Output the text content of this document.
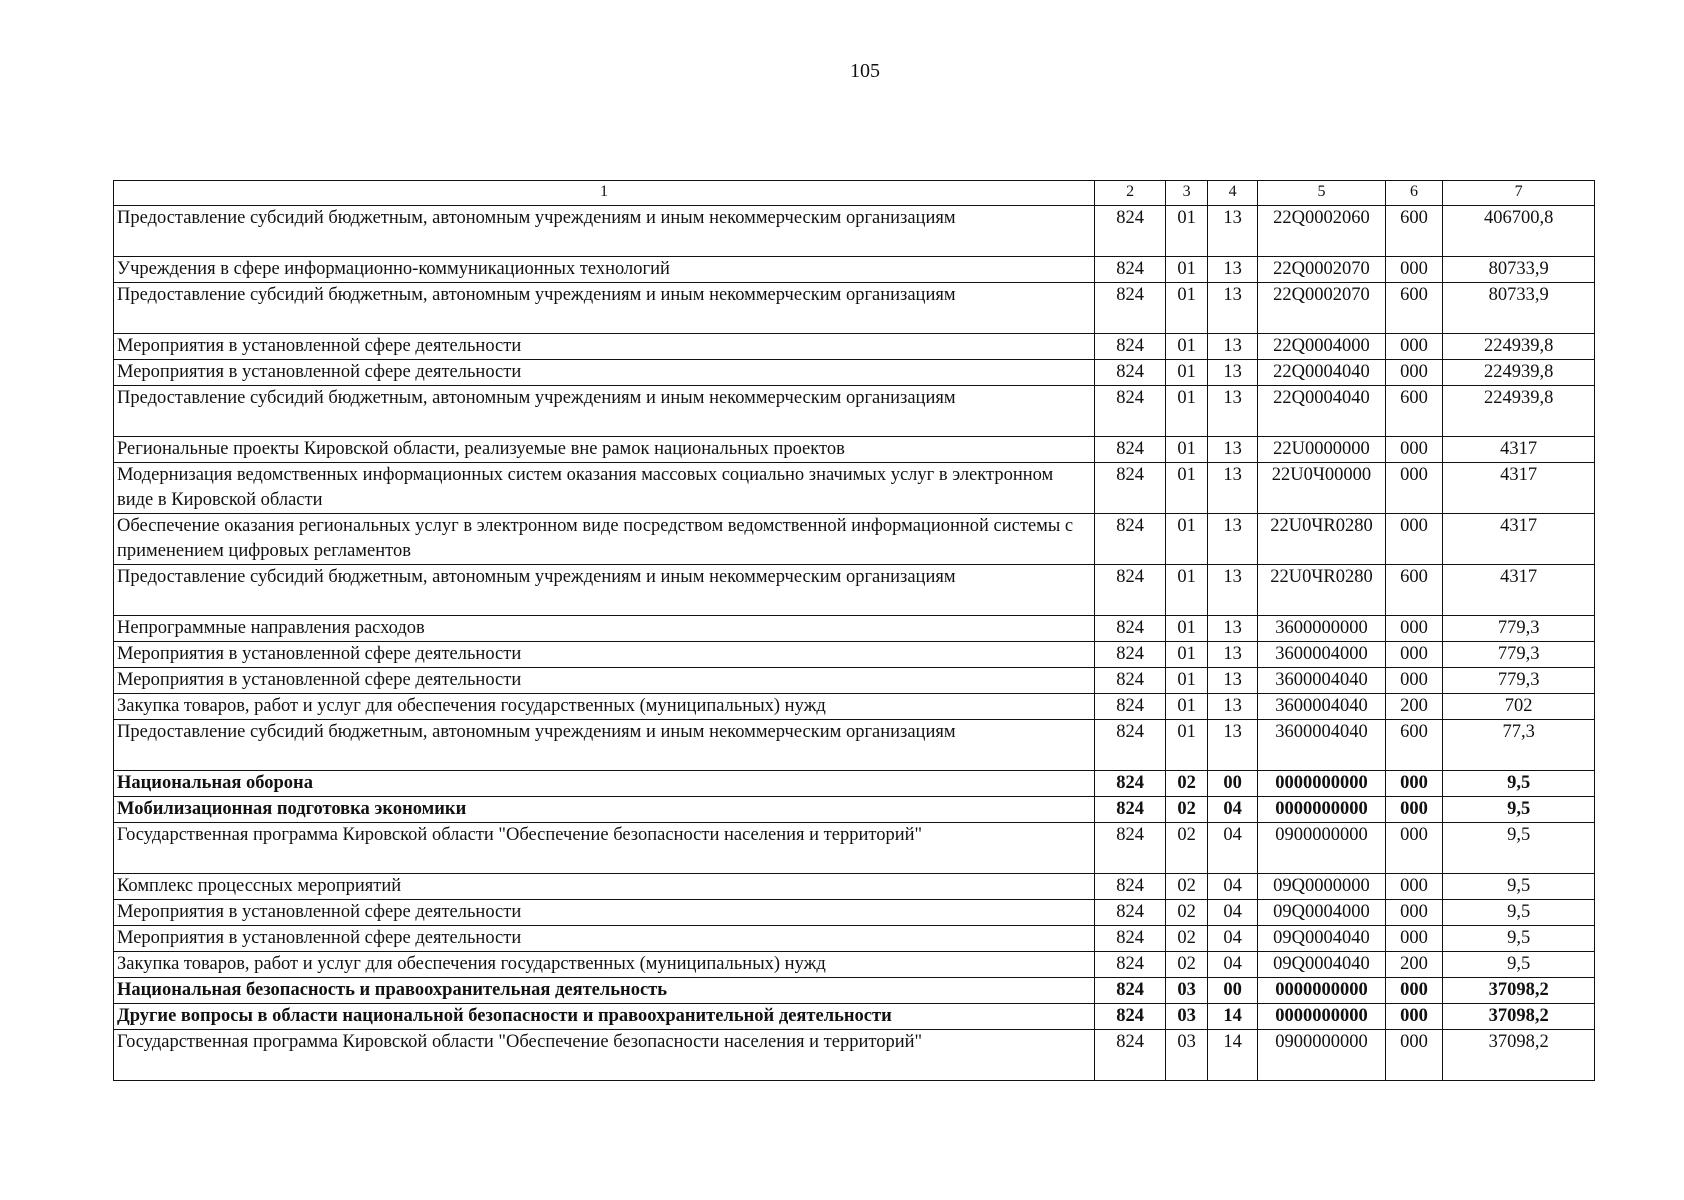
105
1	2	3	4	5	6	7
Предоставление субсидий бюджетным, автономным учреждениям и иным некоммерческим организациям	824	01	13	22Q0002060	600	406700,8
Учреждения в сфере информационно-коммуникационных технологий	824	01	13	22Q0002070	000	80733,9
Предоставление субсидий бюджетным, автономным учреждениям и иным некоммерческим организациям	824	01	13	22Q0002070	600	80733,9
Мероприятия в установленной сфере деятельности	824	01	13	22Q0004000	000	224939,8
Мероприятия в установленной сфере деятельности	824	01	13	22Q0004040	000	224939,8
Предоставление субсидий бюджетным, автономным учреждениям и иным некоммерческим организациям	824	01	13	22Q0004040	600	224939,8
Региональные проекты Кировской области, реализуемые вне рамок национальных проектов	824	01	13	22U0000000	000	4317
Модернизация ведомственных информационных систем оказания массовых социально значимых услуг в электронном виде в Кировской области	824	01	13	22U0Ч00000	000	4317
Обеспечение оказания региональных услуг в электронном виде посредством ведомственной информационной системы с применением цифровых регламентов	824	01	13	22U0ЧR0280	000	4317
Предоставление субсидий бюджетным, автономным учреждениям и иным некоммерческим организациям	824	01	13	22U0ЧR0280	600	4317
Непрограммные направления расходов	824	01	13	3600000000	000	779,3
Мероприятия в установленной сфере деятельности	824	01	13	3600004000	000	779,3
Мероприятия в установленной сфере деятельности	824	01	13	3600004040	000	779,3
Закупка товаров, работ и услуг для обеспечения государственных (муниципальных) нужд	824	01	13	3600004040	200	702
Предоставление субсидий бюджетным, автономным учреждениям и иным некоммерческим организациям	824	01	13	3600004040	600	77,3
Национальная оборона	824	02	00	0000000000	000	9,5
Мобилизационная подготовка экономики	824	02	04	0000000000	000	9,5
Государственная программа Кировской области "Обеспечение безопасности населения и территорий"	824	02	04	0900000000	000	9,5
Комплекс процессных мероприятий	824	02	04	09Q0000000	000	9,5
Мероприятия в установленной сфере деятельности	824	02	04	09Q0004000	000	9,5
Мероприятия в установленной сфере деятельности	824	02	04	09Q0004040	000	9,5
Закупка товаров, работ и услуг для обеспечения государственных (муниципальных) нужд	824	02	04	09Q0004040	200	9,5
Национальная безопасность и правоохранительная деятельность	824	03	00	0000000000	000	37098,2
Другие вопросы в области национальной безопасности и правоохранительной деятельности	824	03	14	0000000000	000	37098,2
Государственная программа Кировской области "Обеспечение безопасности населения и территорий"	824	03	14	0900000000	000	37098,2
